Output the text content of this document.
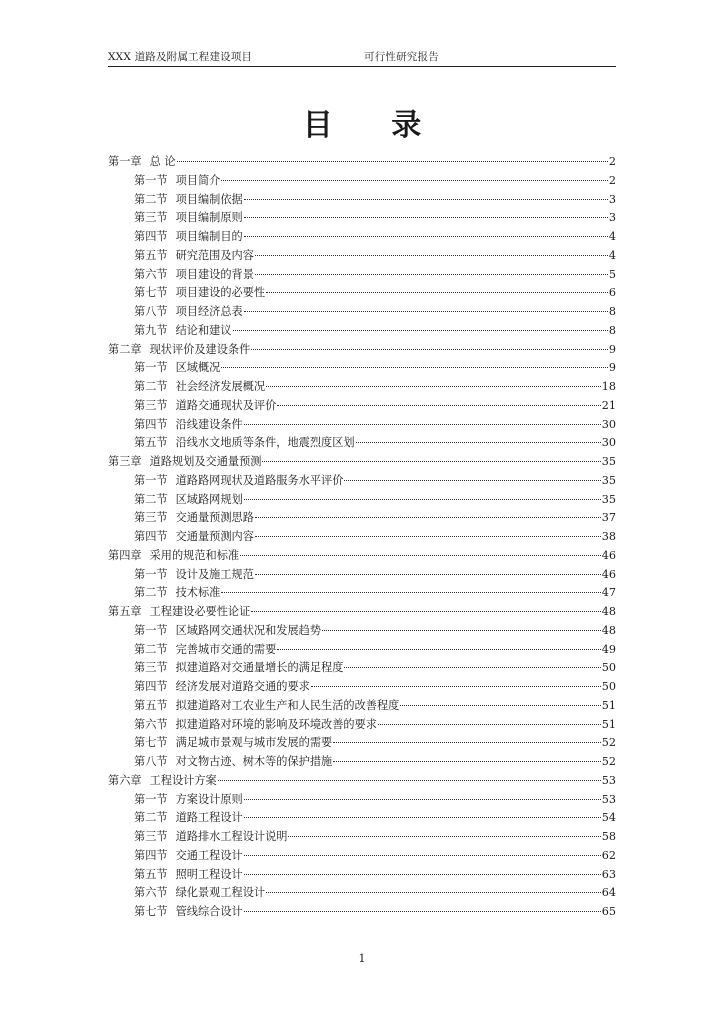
XXX 道路及附属工程建设项目	可行性研究报告
目 录
第一章 总 论	2
第一节 项目简介	2
第二节 项目编制依据	3
第三节 项目编制原则	3
第四节 项目编制目的	4
第五节 研究范围及内容	4
第六节 项目建设的背景	5
第七节 项目建设的必要性	6
第八节 项目经济总表	8
第九节 结论和建议	8
第二章 现状评价及建设条件	9
第一节 区域概况	9
第二节 社会经济发展概况	18
第三节 道路交通现状及评价	21
第四节 沿线建设条件	30
第五节 沿线水文地质等条件，地震烈度区划	30
第三章 道路规划及交通量预测	35
第一节 道路路网现状及道路服务水平评价	35
第二节 区域路网规划	35
第三节 交通量预测思路	37
第四节 交通量预测内容	38
第四章 采用的规范和标准	46
第一节 设计及施工规范	46
第二节 技术标准	47
第五章 工程建设必要性论证	48
第一节 区域路网交通状况和发展趋势	48
第二节 完善城市交通的需要	49
第三节 拟建道路对交通量增长的满足程度	50
第四节 经济发展对道路交通的要求	50
第五节 拟建道路对工农业生产和人民生活的改善程度	51
第六节 拟建道路对环境的影响及环境改善的要求	51
第七节 满足城市景观与城市发展的需要	52
第八节 对文物古迹、树木等的保护措施	52
第六章 工程设计方案	53
第一节 方案设计原则	53
第二节 道路工程设计	54
第三节 道路排水工程设计说明	58
第四节 交通工程设计	62
第五节 照明工程设计	63
第六节 绿化景观工程设计	64
第七节 管线综合设计	65
1
